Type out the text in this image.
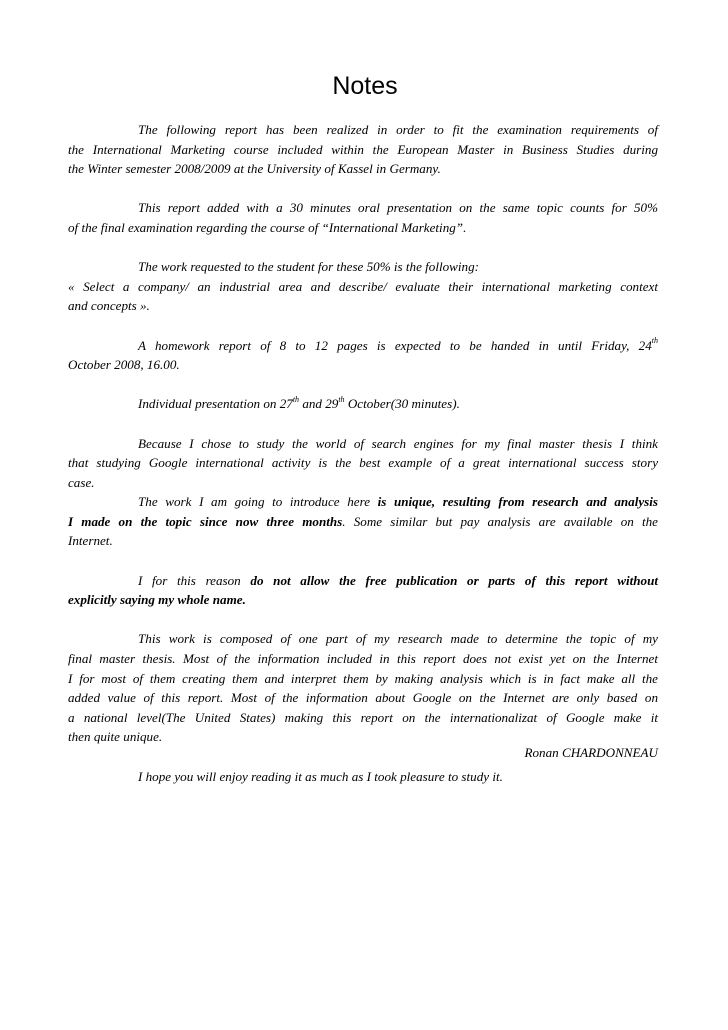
Notes

The following report has been realized in order to fit the examination requirements of
the International Marketing course included within the European Master in Business Studies during
the Winter semester 2008/2009 at the University of Kassel in Germany.

This report added with a 30 minutes oral presentation on the same topic counts for 50%
of the final examination regarding the course of “International Marketing”.

The work requested to the student for these 50% is the following:
« Select a company/ an industrial area and describe/ evaluate their international marketing context
and concepts ».

A homework report of 8 to 12 pages is expected to be handed in until Friday, 24th
October 2008, 16.00.

Individual presentation on 27th and 29th October(30 minutes).

Because I chose to study the world of search engines for my final master thesis I think
that studying Google international activity is the best example of a great international success story
case.

The work I am going to introduce here is unique, resulting from research and analysis
I made on the topic since now three months. Some similar but pay analysis are available on the
Internet.

I for this reason do not allow the free publication or parts of this report without
explicitly saying my whole name.

This work is composed of one part of my research made to determine the topic of my
final master thesis. Most of the information included in this report does not exist yet on the Internet
I for most of them creating them and interpret them by making analysis which is in fact make all the
added value of this report. Most of the information about Google on the Internet are only based on
a national level(The United States) making this report on the internationalizat of Google make it
then quite unique.

I hope you will enjoy reading it as much as I took pleasure to study it.

Ronan CHARDONNEAU
